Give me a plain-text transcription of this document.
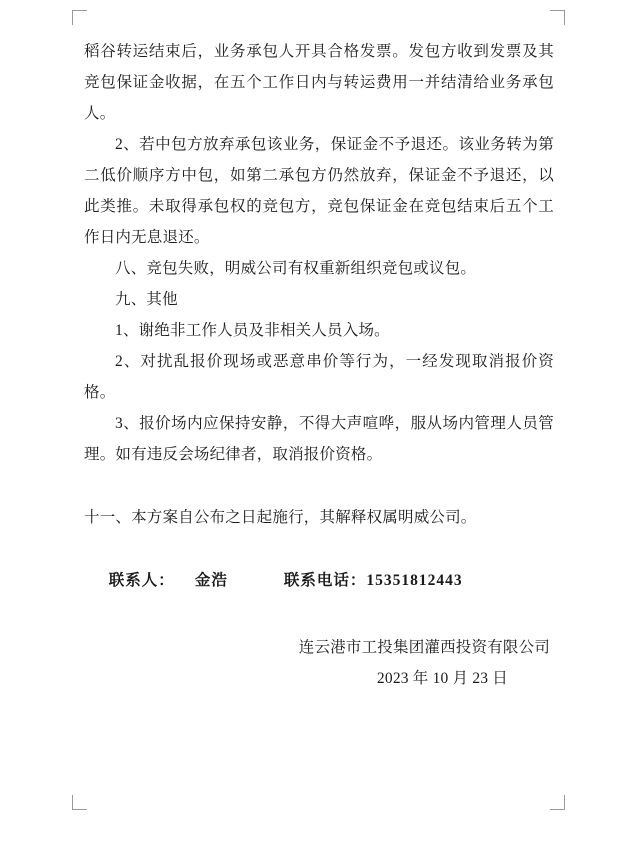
稻谷转运结束后，业务承包人开具合格发票。发包方收到发票及其竞包保证金收据，在五个工作日内与转运费用一并结清给业务承包人。

2、若中包方放弃承包该业务，保证金不予退还。该业务转为第二低价顺序方中包，如第二承包方仍然放弃，保证金不予退还，以此类推。未取得承包权的竞包方，竞包保证金在竞包结束后五个工作日内无息退还。

八、竞包失败，明威公司有权重新组织竞包或议包。

九、其他

1、谢绝非工作人员及非相关人员入场。

2、对扰乱报价现场或恶意串价等行为，一经发现取消报价资格。

3、报价场内应保持安静，不得大声喧哗，服从场内管理人员管理。如有违反会场纪律者，取消报价资格。

十一、本方案自公布之日起施行，其解释权属明威公司。

联系人： 金浩	联系电话：15351812443

连云港市工投集团灌西投资有限公司

2023 年 10 月 23 日
